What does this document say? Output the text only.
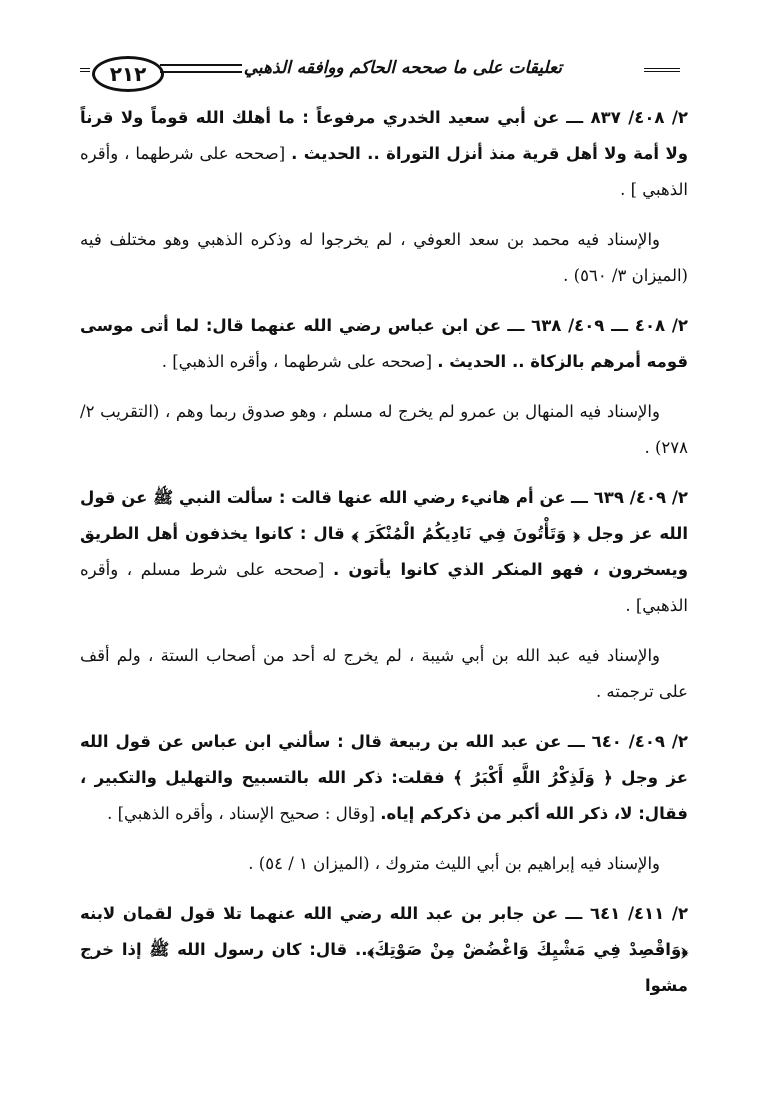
٢١٢	تعليقات على ما صححه الحاكم ووافقه الذهبي

٢/ ٤٠٨/ ٨٣٧ ـــ عن أبي سعيد الخدري مرفوعاً : ما أهلك الله قوماً ولا قرناً ولا أمة ولا أهل قرية منذ أنزل التوراة .. الحديث . [صححه على شرطهما ، وأقره الذهبي ] .

والإسناد فيه محمد بن سعد العوفي ، لم يخرجوا له وذكره الذهبي وهو مختلف فيه (الميزان ٣/ ٥٦٠) .

٢/ ٤٠٨ ـــ ٤٠٩/ ٦٣٨ ـــ عن ابن عباس رضي الله عنهما قال: لما أتى موسى قومه أمرهم بالزكاة .. الحديث . [صححه على شرطهما ، وأقره الذهبي] .

والإسناد فيه المنهال بن عمرو لم يخرج له مسلم ، وهو صدوق ربما وهم ، (التقريب ٢/ ٢٧٨) .

٢/ ٤٠٩/ ٦٣٩ ـــ عن أم هانيء رضي الله عنها قالت : سألت النبي ﷺ عن قول الله عز وجل ﴿ وَتَأْتُونَ فِي نَادِيكُمُ الْمُنْكَرَ ﴾ قال : كانوا يخذفون أهل الطريق ويسخرون ، فهو المنكر الذي كانوا يأتون . [صححه على شرط مسلم ، وأقره الذهبي] .

والإسناد فيه عبد الله بن أبي شيبة ، لم يخرج له أحد من أصحاب الستة ، ولم أقف على ترجمته .

٢/ ٤٠٩/ ٦٤٠ ـــ عن عبد الله بن ربيعة قال : سألني ابن عباس عن قول الله عز وجل ﴿ وَلَذِكْرُ اللَّهِ أَكْبَرُ ﴾ فقلت: ذكر الله بالتسبيح والتهليل والتكبير ، فقال: لا، ذكر الله أكبر من ذكركم إياه. [وقال : صحيح الإسناد ، وأقره الذهبي] .

والإسناد فيه إبراهيم بن أبي الليث متروك ، (الميزان ١ / ٥٤) .

٢/ ٤١١/ ٦٤١ ـــ عن جابر بن عبد الله رضي الله عنهما تلا قول لقمان لابنه ﴿وَاقْصِدْ فِي مَشْيِكَ وَاغْضُضْ مِنْ صَوْتِكَ﴾.. قال: كان رسول الله ﷺ إذا خرج مشوا
